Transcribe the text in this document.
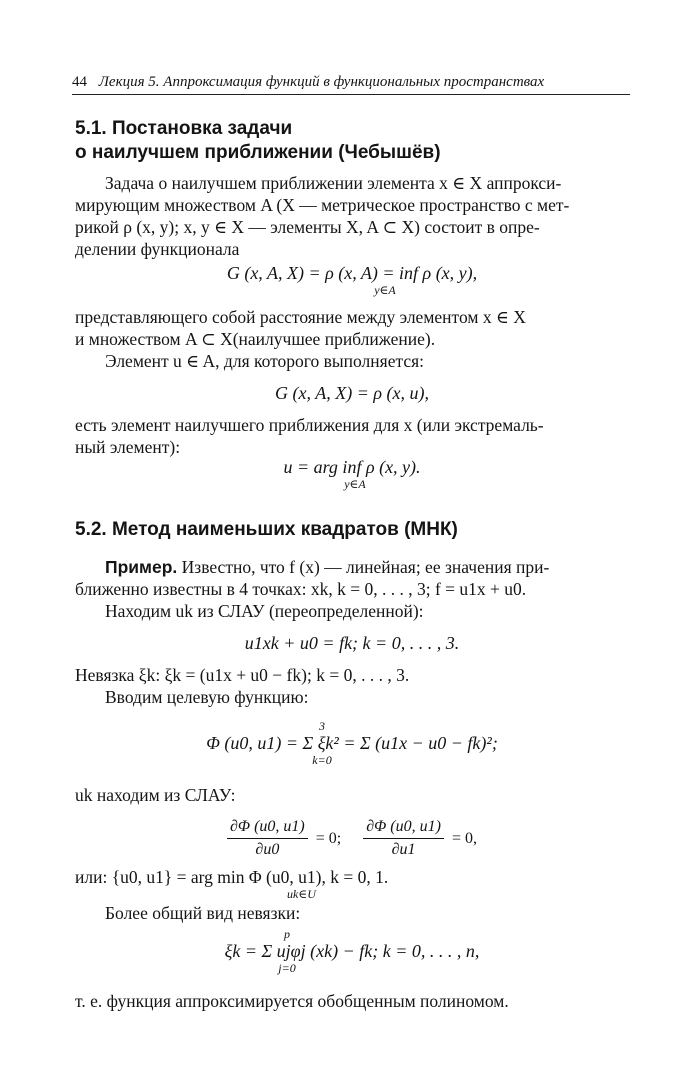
44 Лекция 5. Аппроксимация функций в функциональных пространствах
5.1. Постановка задачи
о наилучшем приближении (Чебышёв)
Задача о наилучшем приближении элемента x ∈ X аппрокси-
мирующим множеством A (X — метрическое пространство с мет-
рикой ρ (x, y); x, y ∈ X — элементы X, A ⊂ X) состоит в опре-
делении функционала
G (x, A, X) = ρ (x, A) = inf ρ (x, y),
y∈A
представляющего собой расстояние между элементом x ∈ X
и множеством A ⊂ X(наилучшее приближение).
Элемент u ∈ A, для которого выполняется:
G (x, A, X) = ρ (x, u),
есть элемент наилучшего приближения для x (или экстремаль-
ный элемент):
u = arg inf ρ (x, y).
y∈A
5.2. Метод наименьших квадратов (МНК)
Пример. Известно, что f (x) — линейная; ее значения при-
ближенно известны в 4 точках: xk, k = 0, . . . , 3; f = u1x + u0.
Находим uk из СЛАУ (переопределенной):
u1xk + u0 = fk; k = 0, . . . , 3.
Невязка ξk: ξk = (u1x + u0 − fk); k = 0, . . . , 3.
Вводим целевую функцию:
3
Φ (u0, u1) = Σ ξk² = Σ (u1x − u0 − fk)²;
k=0
uk находим из СЛАУ:
$\frac{\partial\Phi (u0, u1)}{\partial u0} = 0$; $\frac{\partial\Phi (u0, u1)}{\partial u1} = 0$,
или: {u0, u1} = arg min Φ (u0, u1), k = 0, 1.
uk∈U
Более общий вид невязки:
p
ξk = Σ ujφj (xk) − fk; k = 0, . . . , n,
j=0
т. е. функция аппроксимируется обобщенным полиномом.
